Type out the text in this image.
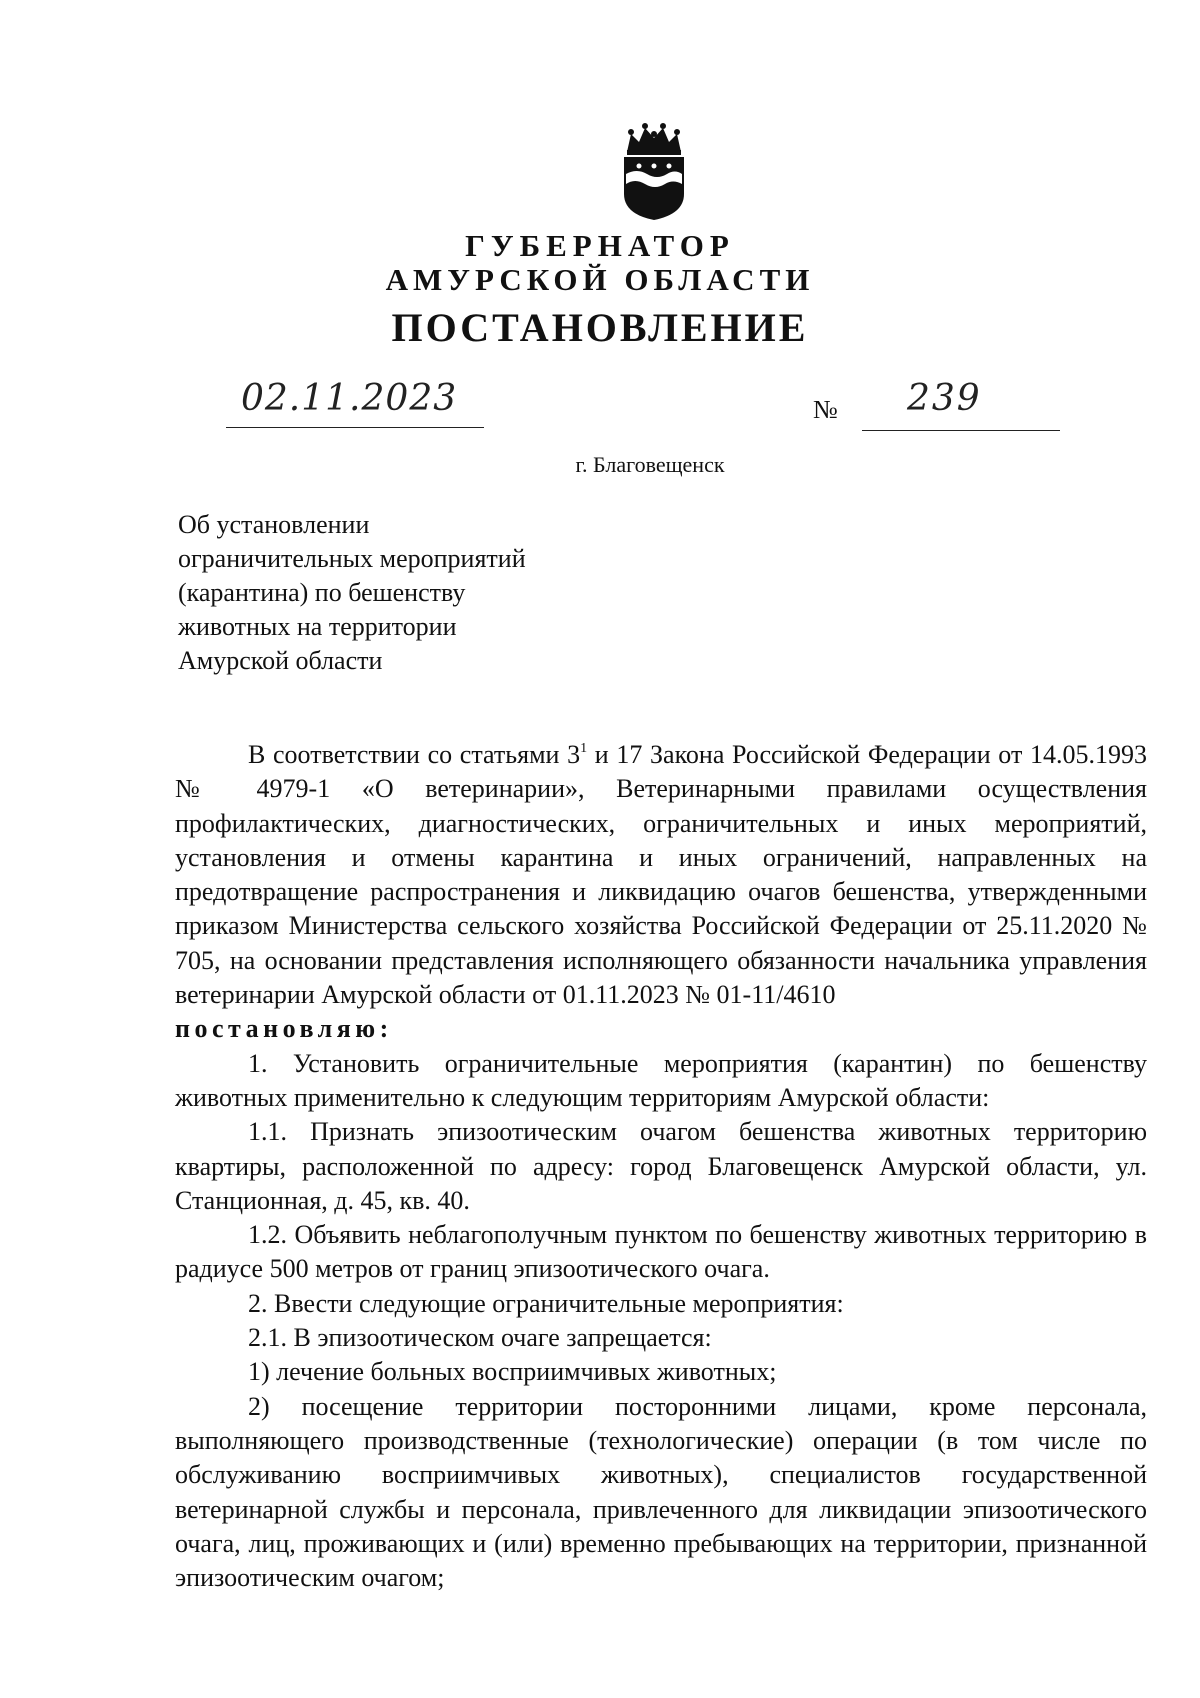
ГУБЕРНАТОР
АМУРСКОЙ ОБЛАСТИ
ПОСТАНОВЛЕНИЕ
02.11.2023	№ 239
г. Благовещенск
Об установлении
ограничительных мероприятий
(карантина) по бешенству
животных на территории
Амурской области
В соответствии со статьями $3^1$ и 17 Закона Российской Федерации от 14.05.1993 № 4979-1 «О ветеринарии», Ветеринарными правилами осуществления профилактических, диагностических, ограничительных и иных мероприятий, установления и отмены карантина и иных ограничений, направленных на предотвращение распространения и ликвидацию очагов бешенства, утвержденными приказом Министерства сельского хозяйства Российской Федерации от 25.11.2020 № 705, на основании представления исполняющего обязанности начальника управления ветеринарии Амурской области от 01.11.2023 № 01-11/4610
постановляю:
1. Установить ограничительные мероприятия (карантин) по бешенству животных применительно к следующим территориям Амурской области:
1.1. Признать эпизоотическим очагом бешенства животных территорию квартиры, расположенной по адресу: город Благовещенск Амурской области, ул. Станционная, д. 45, кв. 40.
1.2. Объявить неблагополучным пунктом по бешенству животных территорию в радиусе 500 метров от границ эпизоотического очага.
2. Ввести следующие ограничительные мероприятия:
2.1. В эпизоотическом очаге запрещается:
1) лечение больных восприимчивых животных;
2) посещение территории посторонними лицами, кроме персонала, выполняющего производственные (технологические) операции (в том числе по обслуживанию восприимчивых животных), специалистов государственной ветеринарной службы и персонала, привлеченного для ликвидации эпизоотического очага, лиц, проживающих и (или) временно пребывающих на территории, признанной эпизоотическим очагом;
